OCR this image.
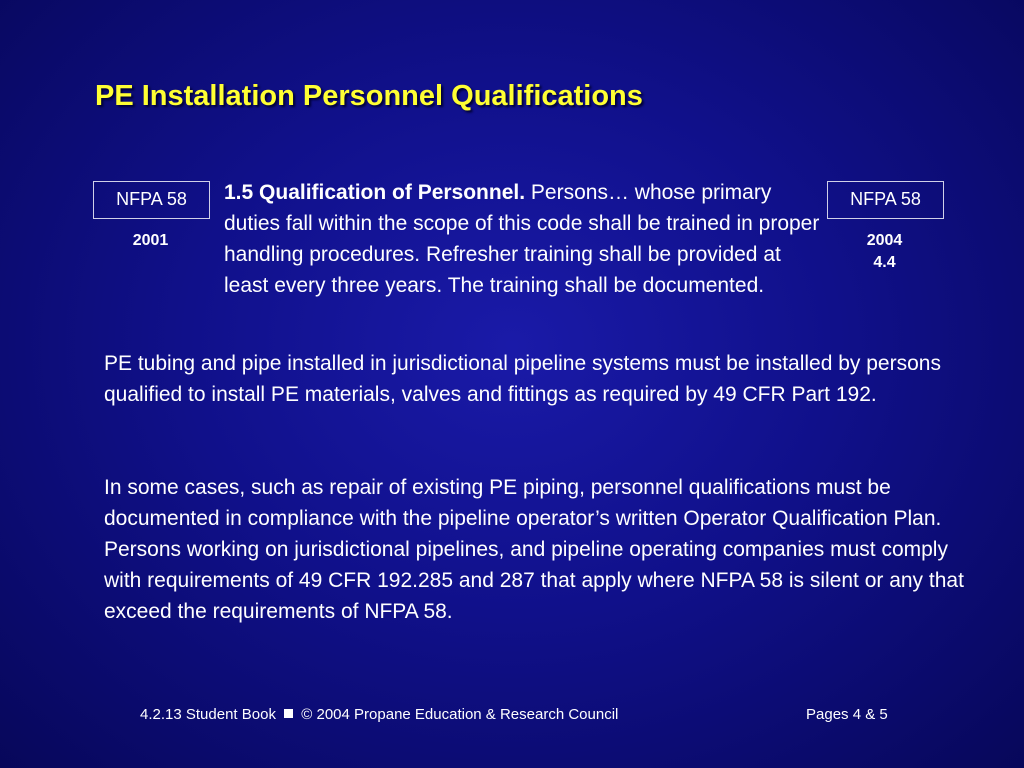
PE Installation Personnel Qualifications
NFPA 58
2001
1.5 Qualification of Personnel. Persons… whose primary duties fall within the scope of this code shall be trained in proper handling procedures. Refresher training shall be provided at least every three years. The training shall be documented.
NFPA 58
2004
4.4

PE tubing and pipe installed in jurisdictional pipeline systems must be installed by persons qualified to install PE materials, valves and fittings as required by 49 CFR Part 192.

In some cases, such as repair of existing PE piping, personnel qualifications must be documented in compliance with the pipeline operator’s written Operator Qualification Plan. Persons working on jurisdictional pipelines, and pipeline operating companies must comply with requirements of 49 CFR 192.285 and 287 that apply where NFPA 58 is silent or any that exceed the requirements of NFPA 58.

4.2.13 Student Book © 2004 Propane Education & Research Council	Pages 4 & 5
